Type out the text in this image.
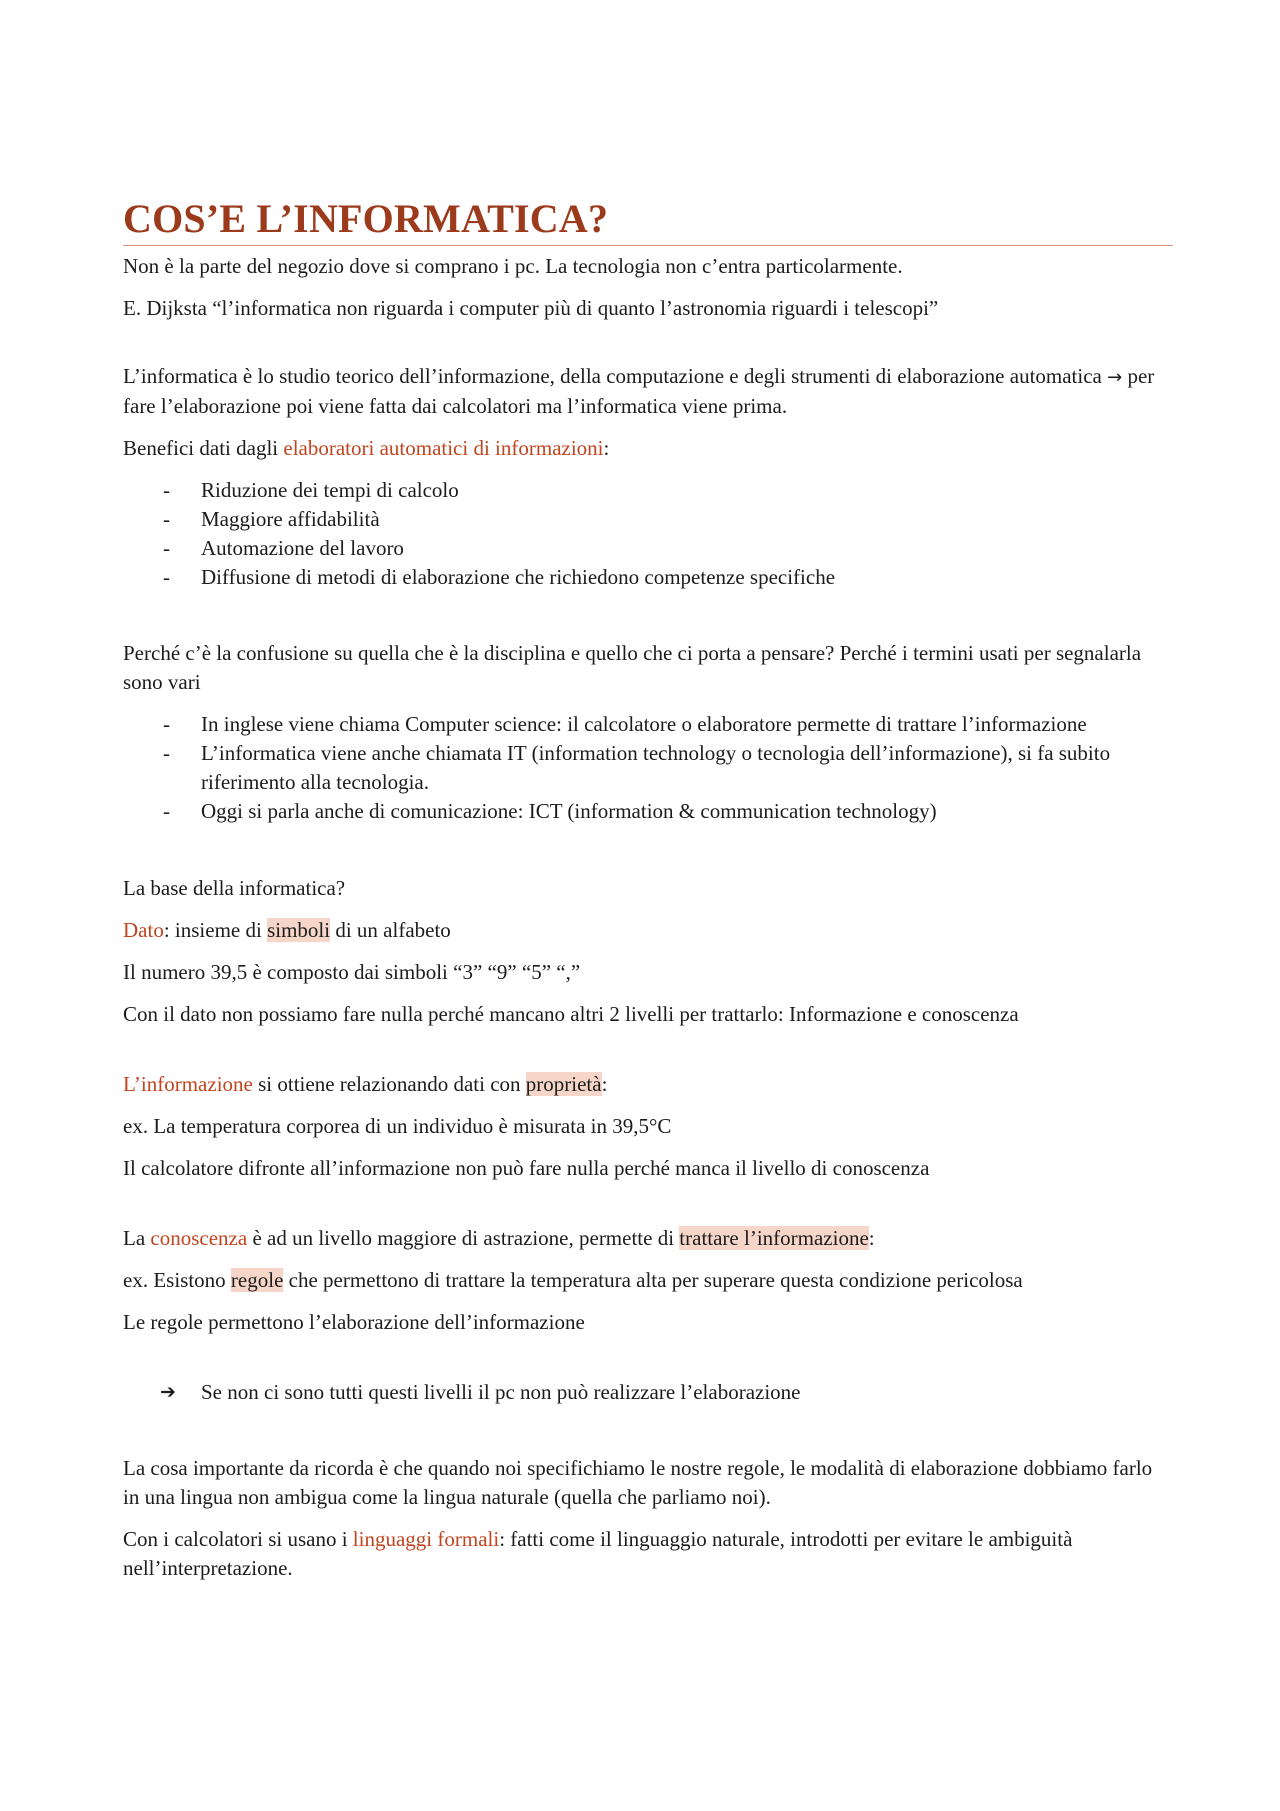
COS’E L’INFORMATICA?

Non è la parte del negozio dove si comprano i pc. La tecnologia non c’entra particolarmente.

E. Dijksta “l’informatica non riguarda i computer più di quanto l’astronomia riguardi i telescopi”

L’informatica è lo studio teorico dell’informazione, della computazione e degli strumenti di elaborazione automatica → per fare l’elaborazione poi viene fatta dai calcolatori ma l’informatica viene prima.

Benefici dati dagli elaboratori automatici di informazioni:

- Riduzione dei tempi di calcolo
- Maggiore affidabilità
- Automazione del lavoro
- Diffusione di metodi di elaborazione che richiedono competenze specifiche

Perché c’è la confusione su quella che è la disciplina e quello che ci porta a pensare? Perché i termini usati per segnalarla sono vari

- In inglese viene chiama Computer science: il calcolatore o elaboratore permette di trattare l’informazione
- L’informatica viene anche chiamata IT (information technology o tecnologia dell’informazione), si fa subito riferimento alla tecnologia.
- Oggi si parla anche di comunicazione: ICT (information & communication technology)

La base della informatica?

Dato: insieme di simboli di un alfabeto

Il numero 39,5 è composto dai simboli “3” “9” “5” “,”

Con il dato non possiamo fare nulla perché mancano altri 2 livelli per trattarlo: Informazione e conoscenza

L’informazione si ottiene relazionando dati con proprietà:

ex. La temperatura corporea di un individuo è misurata in 39,5°C

Il calcolatore difronte all’informazione non può fare nulla perché manca il livello di conoscenza

La conoscenza è ad un livello maggiore di astrazione, permette di trattare l’informazione:

ex. Esistono regole che permettono di trattare la temperatura alta per superare questa condizione pericolosa

Le regole permettono l’elaborazione dell’informazione

➔ Se non ci sono tutti questi livelli il pc non può realizzare l’elaborazione

La cosa importante da ricorda è che quando noi specifichiamo le nostre regole, le modalità di elaborazione dobbiamo farlo in una lingua non ambigua come la lingua naturale (quella che parliamo noi).

Con i calcolatori si usano i linguaggi formali: fatti come il linguaggio naturale, introdotti per evitare le ambiguità nell’interpretazione.
